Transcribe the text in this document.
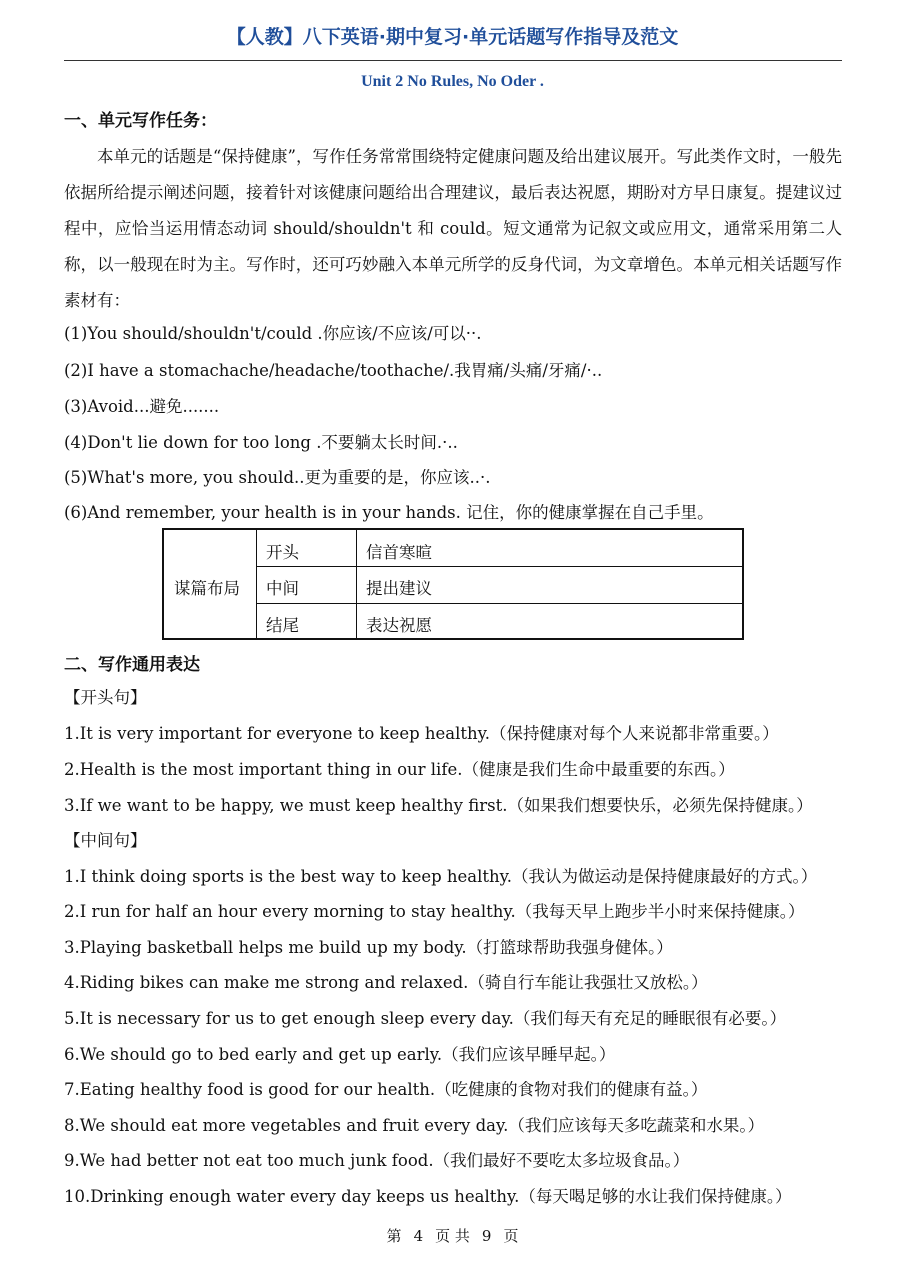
【人教】八下英语·期中复习·单元话题写作指导及范文
Unit 2 No Rules, No Oder .
一、单元写作任务：
本单元的话题是“保持健康”，写作任务常常围绕特定健康问题及给出建议展开。写此类作文时，一般先依据所给提示阐述问题，接着针对该健康问题给出合理建议，最后表达祝愿，期盼对方早日康复。提建议过程中，应恰当运用情态动词 should/shouldn't 和 could。短文通常为记叙文或应用文，通常采用第二人称，以一般现在时为主。写作时，还可巧妙融入本单元所学的反身代词，为文章增色。本单元相关话题写作素材有：
(1)You should/shouldn't/could .你应该/不应该/可以··.
(2)I have a stomachache/headache/toothache/.我胃痛/头痛/牙痛/·..
(3)Avoid...避免.......
(4)Don't lie down for too long .不要躺太长时间.·..
(5)What's more, you should..更为重要的是，你应该..·.
(6)And remember, your health is in your hands. 记住，你的健康掌握在自己手里。
谋篇布局
开头	信首寒暄
中间	提出建议
结尾	表达祝愿
二、写作通用表达
【开头句】
1.It is very important for everyone to keep healthy.（保持健康对每个人来说都非常重要。）
2.Health is the most important thing in our life.（健康是我们生命中最重要的东西。）
3.If we want to be happy, we must keep healthy first.（如果我们想要快乐，必须先保持健康。）
【中间句】
1.I think doing sports is the best way to keep healthy.（我认为做运动是保持健康最好的方式。）
2.I run for half an hour every morning to stay healthy.（我每天早上跑步半小时来保持健康。）
3.Playing basketball helps me build up my body.（打篮球帮助我强身健体。）
4.Riding bikes can make me strong and relaxed.（骑自行车能让我强壮又放松。）
5.It is necessary for us to get enough sleep every day.（我们每天有充足的睡眠很有必要。）
6.We should go to bed early and get up early.（我们应该早睡早起。）
7.Eating healthy food is good for our health.（吃健康的食物对我们的健康有益。）
8.We should eat more vegetables and fruit every day.（我们应该每天多吃蔬菜和水果。）
9.We had better not eat too much junk food.（我们最好不要吃太多垃圾食品。）
10.Drinking enough water every day keeps us healthy.（每天喝足够的水让我们保持健康。）
第 4 页 共 9 页
